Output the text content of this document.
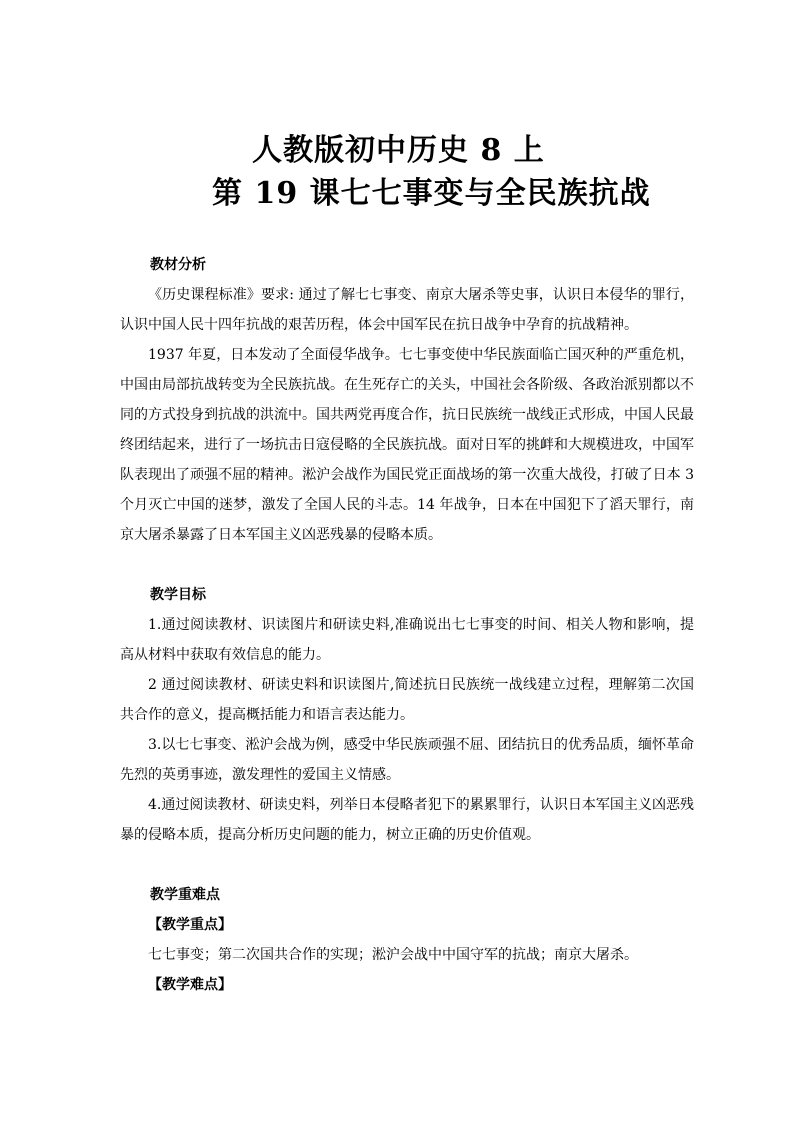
人教版初中历史 8 上
第 19 课七七事变与全民族抗战

教材分析

《历史课程标准》要求: 通过了解七七事变、南京大屠杀等史事，认识日本侵华的罪行，认识中国人民十四年抗战的艰苦历程，体会中国军民在抗日战争中孕育的抗战精神。

1937 年夏，日本发动了全面侵华战争。七七事变使中华民族面临亡国灭种的严重危机，中国由局部抗战转变为全民族抗战。在生死存亡的关头，中国社会各阶级、各政治派别都以不同的方式投身到抗战的洪流中。国共两党再度合作，抗日民族统一战线正式形成，中国人民最终团结起来，进行了一场抗击日寇侵略的全民族抗战。面对日军的挑衅和大规模进攻，中国军队表现出了顽强不屈的精神。淞沪会战作为国民党正面战场的第一次重大战役，打破了日本 3 个月灭亡中国的迷梦，激发了全国人民的斗志。14 年战争，日本在中国犯下了滔天罪行，南京大屠杀暴露了日本军国主义凶恶残暴的侵略本质。

教学目标

1.通过阅读教材、识读图片和研读史料,准确说出七七事变的时间、相关人物和影响，提高从材料中获取有效信息的能力。

2 通过阅读教材、研读史料和识读图片,简述抗日民族统一战线建立过程，理解第二次国共合作的意义，提高概括能力和语言表达能力。

3.以七七事变、淞沪会战为例，感受中华民族顽强不屈、团结抗日的优秀品质，缅怀革命先烈的英勇事迹，激发理性的爱国主义情感。

4.通过阅读教材、研读史料，列举日本侵略者犯下的累累罪行，认识日本军国主义凶恶残暴的侵略本质，提高分析历史问题的能力，树立正确的历史价值观。

教学重难点

【教学重点】

七七事变；第二次国共合作的实现；淞沪会战中中国守军的抗战；南京大屠杀。

【教学难点】
